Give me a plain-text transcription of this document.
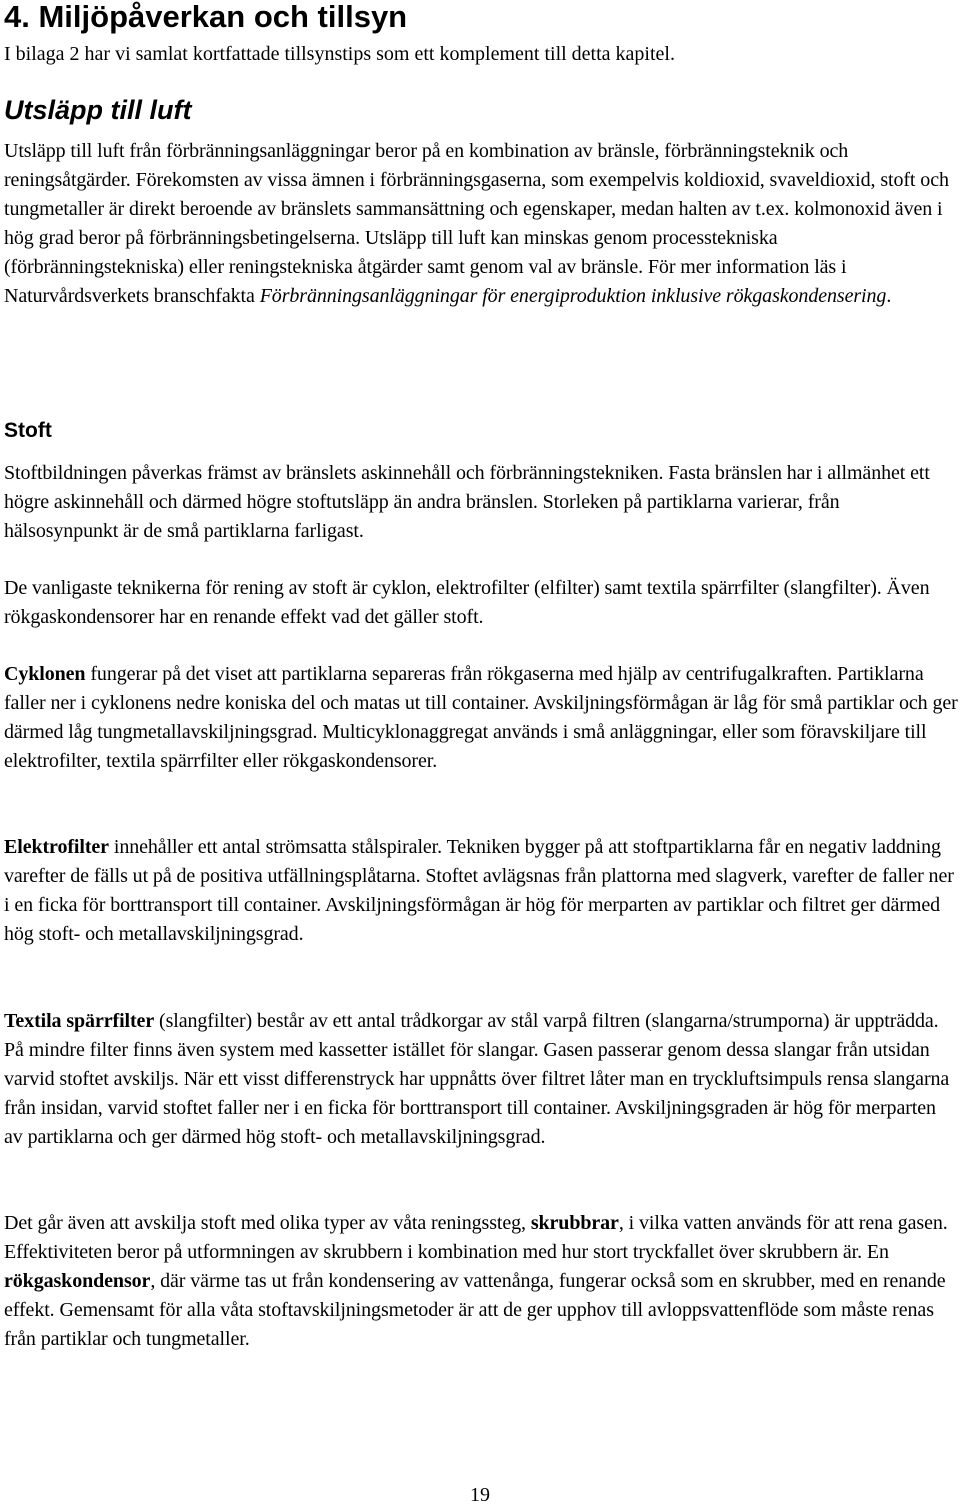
4. Miljöpåverkan och tillsyn

I bilaga 2 har vi samlat kortfattade tillsynstips som ett komplement till detta kapitel.

Utsläpp till luft

Utsläpp till luft från förbränningsanläggningar beror på en kombination av bränsle, förbränningsteknik och reningsåtgärder. Förekomsten av vissa ämnen i förbränningsgaserna, som exempelvis koldioxid, svaveldioxid, stoft och tungmetaller är direkt beroende av bränslets sammansättning och egenskaper, medan halten av t.ex. kolmonoxid även i hög grad beror på förbränningsbetingelserna. Utsläpp till luft kan minskas genom processtekniska (förbränningstekniska) eller reningstekniska åtgärder samt genom val av bränsle. För mer information läs i Naturvårdsverkets branschfakta Förbränningsanläggningar för energiproduktion inklusive rökgaskondensering.

Stoft

Stoftbildningen påverkas främst av bränslets askinnehåll och förbränningstekniken. Fasta bränslen har i allmänhet ett högre askinnehåll och därmed högre stoftutsläpp än andra bränslen. Storleken på partiklarna varierar, från hälsosynpunkt är de små partiklarna farligast.

De vanligaste teknikerna för rening av stoft är cyklon, elektrofilter (elfilter) samt textila spärrfilter (slangfilter). Även rökgaskondensorer har en renande effekt vad det gäller stoft.

Cyklonen fungerar på det viset att partiklarna separeras från rökgaserna med hjälp av centrifugalkraften. Partiklarna faller ner i cyklonens nedre koniska del och matas ut till container. Avskiljningsförmågan är låg för små partiklar och ger därmed låg tungmetallavskiljningsgrad. Multicyklonaggregat används i små anläggningar, eller som föravskiljare till elektrofilter, textila spärrfilter eller rökgaskondensorer.

Elektrofilter innehåller ett antal strömsatta stålspiraler. Tekniken bygger på att stoftpartiklarna får en negativ laddning varefter de fälls ut på de positiva utfällningsplåtarna. Stoftet avlägsnas från plattorna med slagverk, varefter de faller ner i en ficka för borttransport till container. Avskiljningsförmågan är hög för merparten av partiklar och filtret ger därmed hög stoft- och metallavskiljningsgrad.

Textila spärrfilter (slangfilter) består av ett antal trådkorgar av stål varpå filtren (slangarna/strumporna) är uppträdda. På mindre filter finns även system med kassetter istället för slangar. Gasen passerar genom dessa slangar från utsidan varvid stoftet avskiljs. När ett visst differenstryck har uppnåtts över filtret låter man en tryckluftsimpuls rensa slangarna från insidan, varvid stoftet faller ner i en ficka för borttransport till container. Avskiljningsgraden är hög för merparten av partiklarna och ger därmed hög stoft- och metallavskiljningsgrad.

Det går även att avskilja stoft med olika typer av våta reningssteg, skrubbrar, i vilka vatten används för att rena gasen. Effektiviteten beror på utformningen av skrubbern i kombination med hur stort tryckfallet över skrubbern är. En rökgaskondensor, där värme tas ut från kondensering av vattenånga, fungerar också som en skrubber, med en renande effekt. Gemensamt för alla våta stoftavskiljningsmetoder är att de ger upphov till avloppsvattenflöde som måste renas från partiklar och tungmetaller.

19
